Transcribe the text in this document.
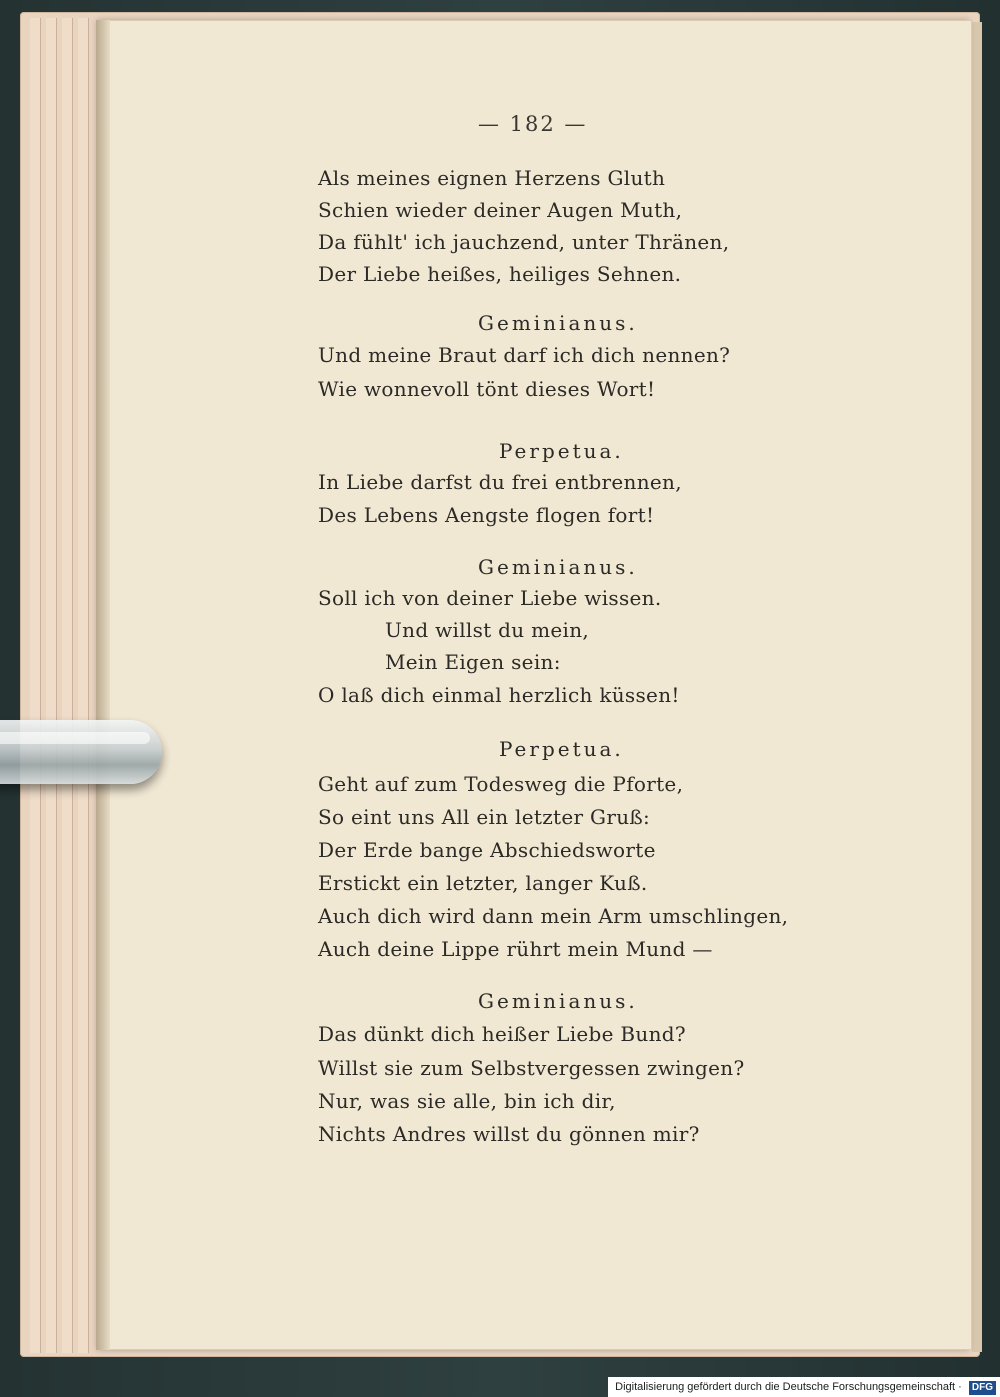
— 182 —
Als meines eignen Herzens Gluth
Schien wieder deiner Augen Muth,
Da fühlt' ich jauchzend, unter Thränen,
Der Liebe heißes, heiliges Sehnen.
Geminianus.
Und meine Braut darf ich dich nennen?
Wie wonnevoll tönt dieses Wort!
Perpetua.
In Liebe darfst du frei entbrennen,
Des Lebens Aengste flogen fort!
Geminianus.
Soll ich von deiner Liebe wissen.
Und willst du mein,
Mein Eigen sein:
O laß dich einmal herzlich küssen!
Perpetua.
Geht auf zum Todesweg die Pforte,
So eint uns All ein letzter Gruß:
Der Erde bange Abschiedsworte
Erstickt ein letzter, langer Kuß.
Auch dich wird dann mein Arm umschlingen,
Auch deine Lippe rührt mein Mund —
Geminianus.
Das dünkt dich heißer Liebe Bund?
Willst sie zum Selbstvergessen zwingen?
Nur, was sie alle, bin ich dir,
Nichts Andres willst du gönnen mir?
Digitalisierung gefördert durch die Deutsche Forschungsgemeinschaft · DFG
